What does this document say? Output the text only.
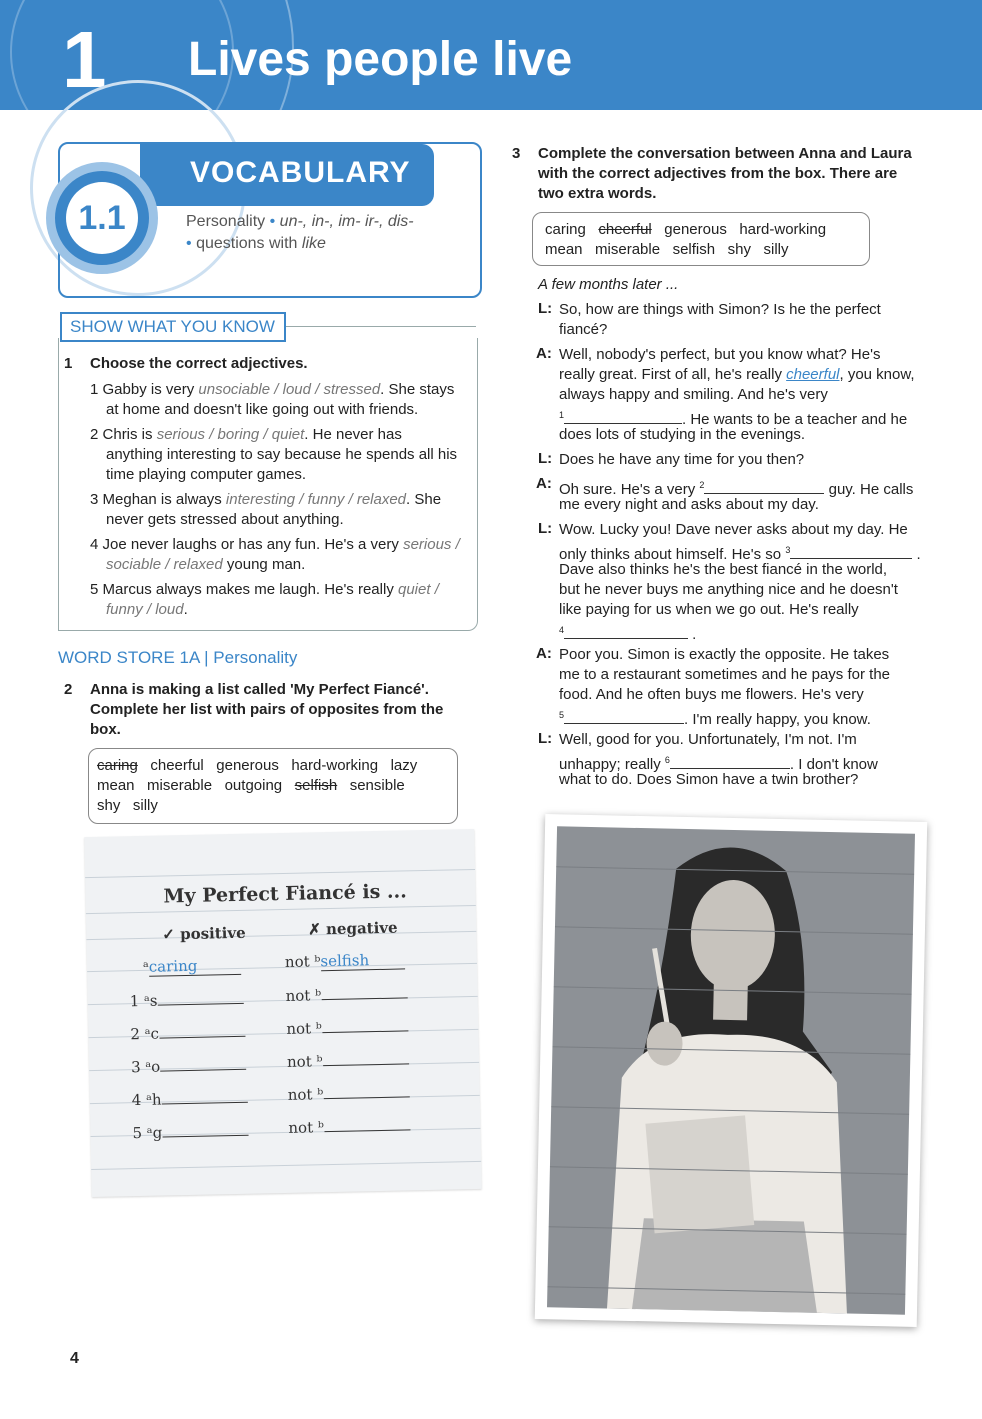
1 Lives people live
VOCABULARY
1.1	Personality • un-, in-, im- ir-, dis-
• questions with like
SHOW WHAT YOU KNOW
1 Choose the correct adjectives.
1 Gabby is very unsociable / loud / stressed. She stays
at home and doesn't like going out with friends.
2 Chris is serious / boring / quiet. He never has
anything interesting to say because he spends all his
time playing computer games.
3 Meghan is always interesting / funny / relaxed. She
never gets stressed about anything.
4 Joe never laughs or has any fun. He's a very serious /
sociable / relaxed young man.
5 Marcus always makes me laugh. He's really quiet /
funny / loud.
WORD STORE 1A | Personality
2 Anna is making a list called 'My Perfect Fiancé'.
Complete her list with pairs of opposites from the
box.
caring cheerful generous hard-working lazy
mean miserable outgoing selfish sensible
shy silly
My Perfect Fiancé is ...
✓ positive	✗ negative
ᵃcaring	not ᵇselfish
1 ᵃs	not ᵇ
2 ᵃc	not ᵇ
3 ᵃo	not ᵇ
4 ᵃh	not ᵇ
5 ᵃg	not ᵇ
3 Complete the conversation between Anna and Laura
with the correct adjectives from the box. There are
two extra words.
caring cheerful generous hard-working
mean miserable selfish shy silly
A few months later ...
L: So, how are things with Simon? Is he the perfect
fiancé?
A: Well, nobody's perfect, but you know what? He's
really great. First of all, he's really cheerful, you know,
always happy and smiling. And he's very
$^1$	. He wants to be a teacher and he
does lots of studying in the evenings.
L: Does he have any time for you then?
A: Oh sure. He's a very $^2$	guy. He calls
me every night and asks about my day.
L: Wow. Lucky you! Dave never asks about my day. He
only thinks about himself. He's so $^3$	.
Dave also thinks he's the best fiancé in the world,
but he never buys me anything nice and he doesn't
like paying for us when we go out. He's really
$^4$	.
A: Poor you. Simon is exactly the opposite. He takes
me to a restaurant sometimes and he pays for the
food. And he often buys me flowers. He's very
$^5$	. I'm really happy, you know.
L: Well, good for you. Unfortunately, I'm not. I'm
unhappy; really $^6$	. I don't know
what to do. Does Simon have a twin brother?
4
